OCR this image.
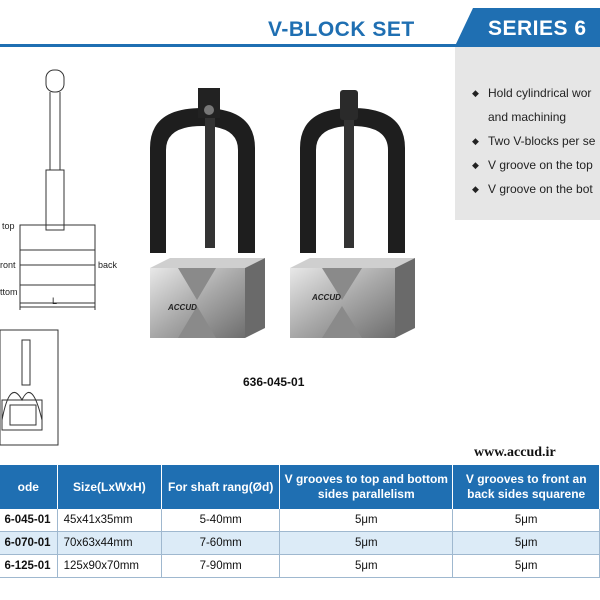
V-BLOCK SET	SERIES 6
◆ Hold cylindrical wor
and machining
◆ Two V-blocks per se
◆ V groove on the top
◆ V groove on the bot
top
ront	back
ttom
L
ACCUD
ACCUD
636-045-01
www.accud.ir
ode	Size(LxWxH)	For shaft rang(Ød)	V grooves to top and bottom sides parallelism	V grooves to front an back sides squarene
6-045-01	45x41x35mm	5-40mm	5μm	5μm
6-070-01	70x63x44mm	7-60mm	5μm	5μm
6-125-01	125x90x70mm	7-90mm	5μm	5μm
